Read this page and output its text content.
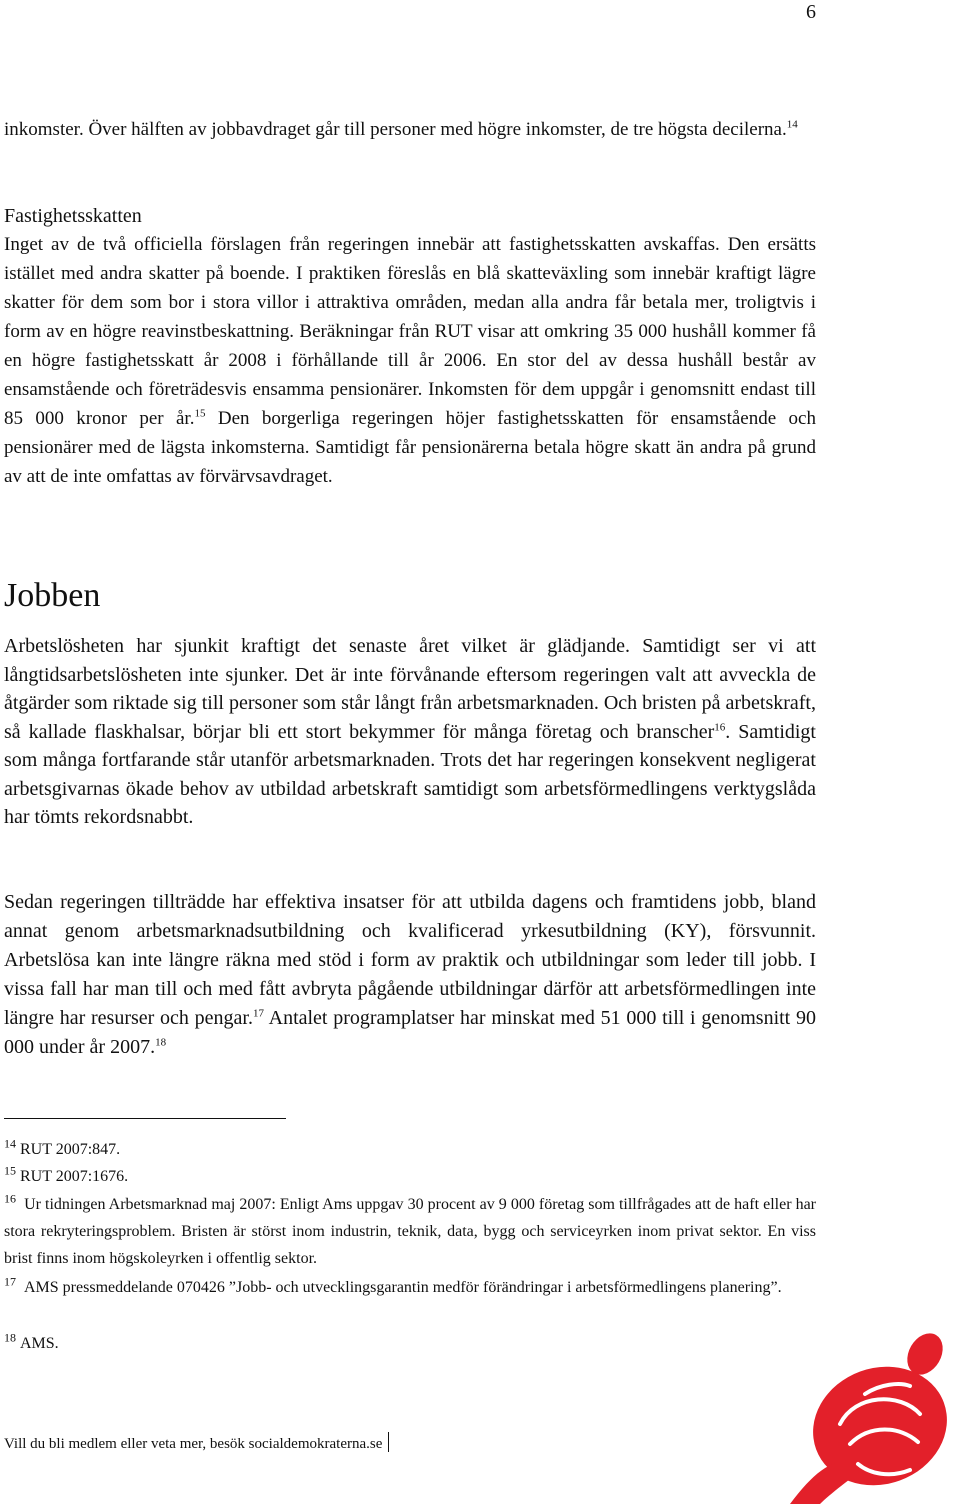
6
inkomster. Över hälften av jobbavdraget går till personer med högre inkomster, de tre högsta decilerna.$^{14}$
Fastighetsskatten
Inget av de två officiella förslagen från regeringen innebär att fastighetsskatten avskaffas. Den ersätts istället med andra skatter på boende. I praktiken föreslås en blå skatteväxling som innebär kraftigt lägre skatter för dem som bor i stora villor i attraktiva områden, medan alla andra får betala mer, troligtvis i form av en högre reavinstbeskattning. Beräkningar från RUT visar att omkring 35 000 hushåll kommer få en högre fastighetsskatt år 2008 i förhållande till år 2006. En stor del av dessa hushåll består av ensamstående och företrädesvis ensamma pensionärer. Inkomsten för dem uppgår i genomsnitt endast till 85 000 kronor per år.$^{15}$ Den borgerliga regeringen höjer fastighetsskatten för ensamstående och pensionärer med de lägsta inkomsterna. Samtidigt får pensionärerna betala högre skatt än andra på grund av att de inte omfattas av förvärvsavdraget.
Jobben
Arbetslösheten har sjunkit kraftigt det senaste året vilket är glädjande. Samtidigt ser vi att långtidsarbetslösheten inte sjunker. Det är inte förvånande eftersom regeringen valt att avveckla de åtgärder som riktade sig till personer som står långt från arbetsmarknaden. Och bristen på arbetskraft, så kallade flaskhalsar, börjar bli ett stort bekymmer för många företag och branscher$^{16}$. Samtidigt som många fortfarande står utanför arbetsmarknaden. Trots det har regeringen konsekvent negligerat arbetsgivarnas ökade behov av utbildad arbetskraft samtidigt som arbetsförmedlingens verktygslåda har tömts rekordsnabbt.
Sedan regeringen tillträdde har effektiva insatser för att utbilda dagens och framtidens jobb, bland annat genom arbetsmarknadsutbildning och kvalificerad yrkesutbildning (KY), försvunnit. Arbetslösa kan inte längre räkna med stöd i form av praktik och utbildningar som leder till jobb. I vissa fall har man till och med fått avbryta pågående utbildningar därför att arbetsförmedlingen inte längre har resurser och pengar.$^{17}$ Antalet programplatser har minskat med 51 000 till i genomsnitt 90 000 under år 2007.18
$^{14}$ RUT 2007:847.
$^{15}$ RUT 2007:1676.
$^{16}$ Ur tidningen Arbetsmarknad maj 2007: Enligt Ams uppgav 30 procent av 9 000 företag som tillfrågades att de haft eller har stora rekryteringsproblem. Bristen är störst inom industrin, teknik, data, bygg och serviceyrken inom privat sektor. En viss brist finns inom högskoleyrken i offentlig sektor.
$^{17}$ AMS pressmeddelande 070426 ”Jobb- och utvecklingsgarantin medför förändringar i arbetsförmedlingens planering”.
$^{18}$ AMS.
Vill du bli medlem eller veta mer, besök socialdemokraterna.se
